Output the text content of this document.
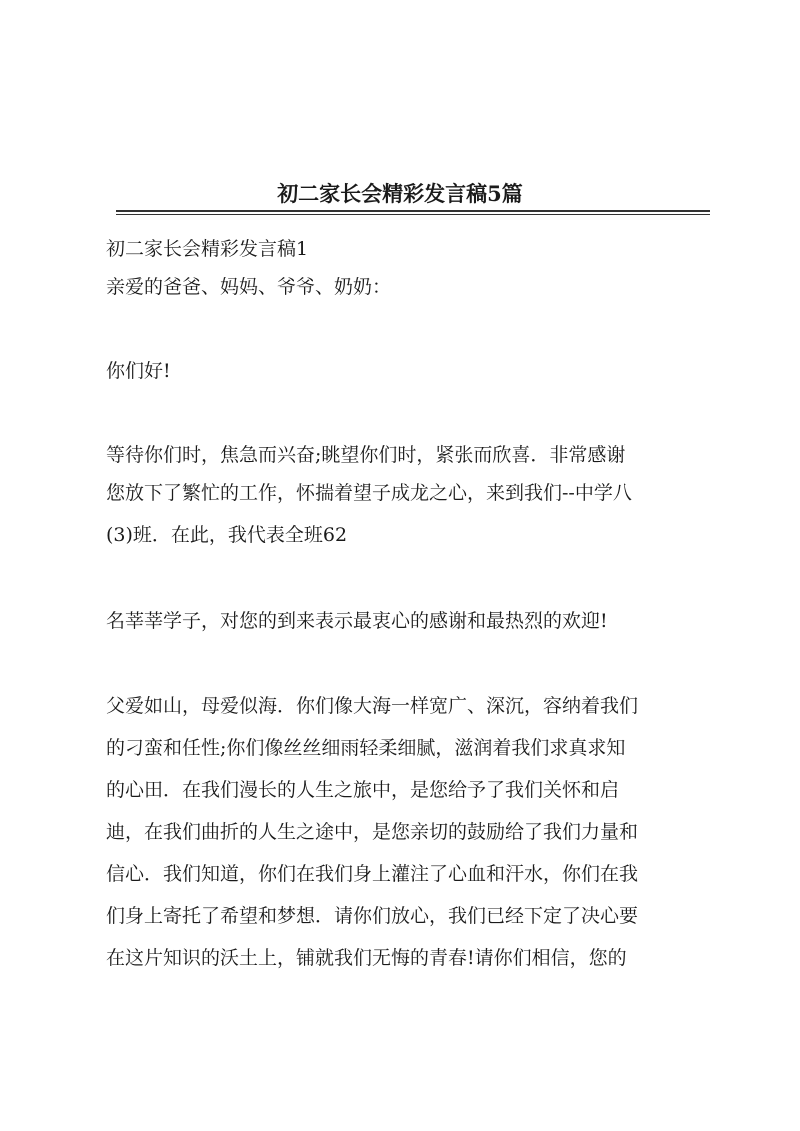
初二家长会精彩发言稿5篇

初二家长会精彩发言稿1

亲爱的爸爸、妈妈、爷爷、奶奶：

你们好!

等待你们时，焦急而兴奋;眺望你们时，紧张而欣喜．非常感谢

您放下了繁忙的工作，怀揣着望子成龙之心，来到我们--中学八

(3)班．在此，我代表全班62

名莘莘学子，对您的到来表示最衷心的感谢和最热烈的欢迎!

父爱如山，母爱似海．你们像大海一样宽广、深沉，容纳着我们

的刁蛮和任性;你们像丝丝细雨轻柔细腻，滋润着我们求真求知

的心田．在我们漫长的人生之旅中，是您给予了我们关怀和启

迪，在我们曲折的人生之途中，是您亲切的鼓励给了我们力量和

信心．我们知道，你们在我们身上灌注了心血和汗水，你们在我

们身上寄托了希望和梦想．请你们放心，我们已经下定了决心要

在这片知识的沃土上，铺就我们无悔的青春!请你们相信，您的
